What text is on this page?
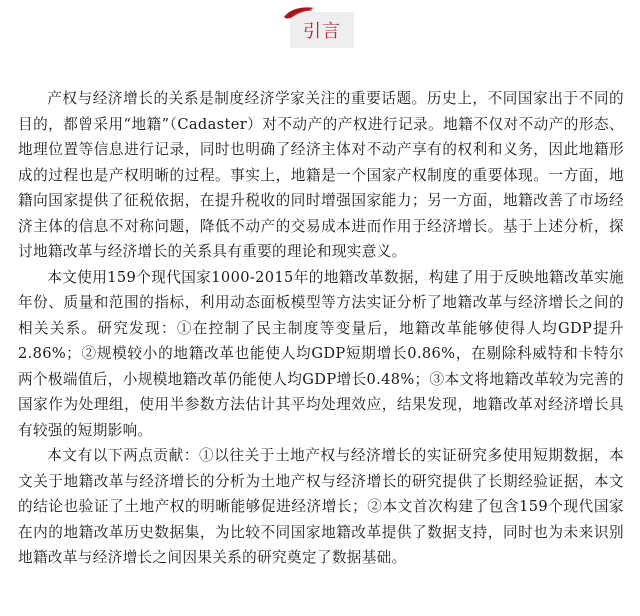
引言

产权与经济增长的关系是制度经济学家关注的重要话题。历史上，不同国家出于不同的目的，都曾采用“地籍”（Cadaster）对不动产的产权进行记录。地籍不仅对不动产的形态、地理位置等信息进行记录，同时也明确了经济主体对不动产享有的权利和义务，因此地籍形成的过程也是产权明晰的过程。事实上，地籍是一个国家产权制度的重要体现。一方面，地籍向国家提供了征税依据，在提升税收的同时增强国家能力；另一方面，地籍改善了市场经济主体的信息不对称问题，降低不动产的交易成本进而作用于经济增长。基于上述分析，探讨地籍改革与经济增长的关系具有重要的理论和现实意义。

本文使用159个现代国家1000-2015年的地籍改革数据，构建了用于反映地籍改革实施年份、质量和范围的指标，利用动态面板模型等方法实证分析了地籍改革与经济增长之间的相关关系。研究发现：①在控制了民主制度等变量后，地籍改革能够使得人均GDP提升2.86%；②规模较小的地籍改革也能使人均GDP短期增长0.86%，在剔除科威特和卡特尔两个极端值后，小规模地籍改革仍能使人均GDP增长0.48%；③本文将地籍改革较为完善的国家作为处理组，使用半参数方法估计其平均处理效应，结果发现，地籍改革对经济增长具有较强的短期影响。

本文有以下两点贡献：①以往关于土地产权与经济增长的实证研究多使用短期数据，本文关于地籍改革与经济增长的分析为土地产权与经济增长的研究提供了长期经验证据，本文的结论也验证了土地产权的明晰能够促进经济增长；②本文首次构建了包含159个现代国家在内的地籍改革历史数据集，为比较不同国家地籍改革提供了数据支持，同时也为未来识别地籍改革与经济增长之间因果关系的研究奠定了数据基础。
